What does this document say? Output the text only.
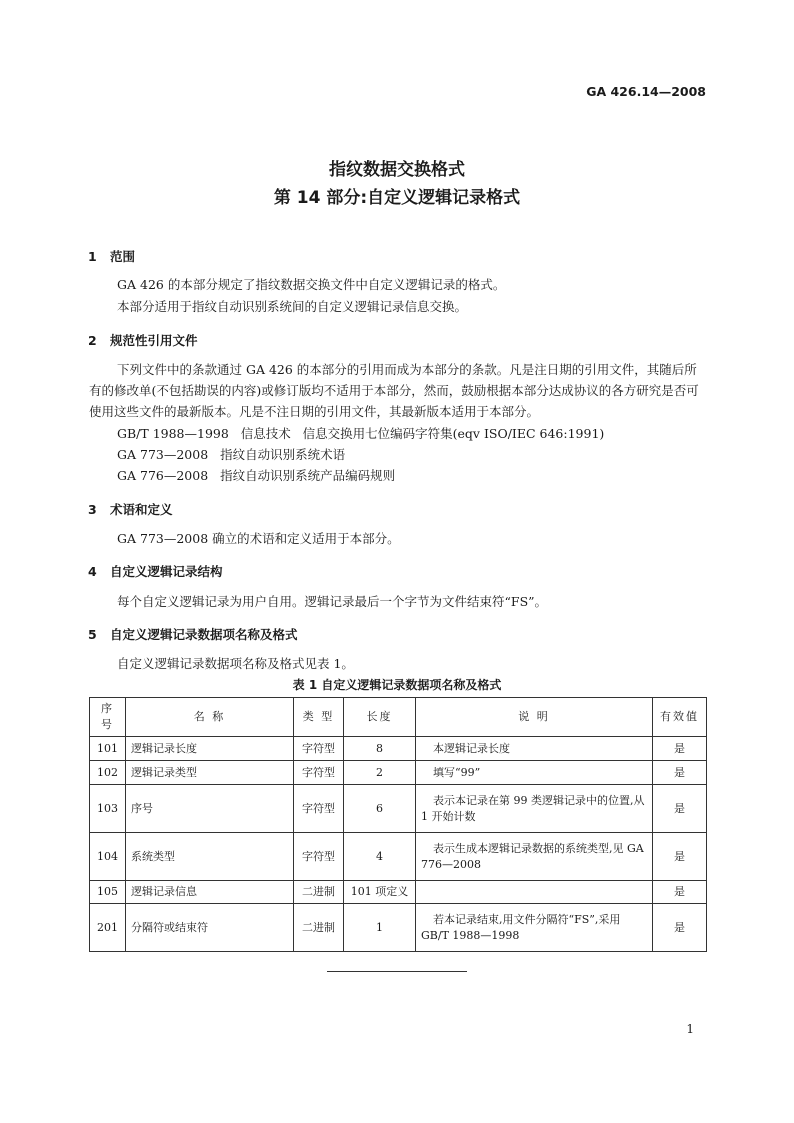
GA 426.14—2008
指纹数据交换格式
第 14 部分:自定义逻辑记录格式
1 范围
GA 426 的本部分规定了指纹数据交换文件中自定义逻辑记录的格式。
本部分适用于指纹自动识别系统间的自定义逻辑记录信息交换。
2 规范性引用文件
下列文件中的条款通过 GA 426 的本部分的引用而成为本部分的条款。凡是注日期的引用文件，其随后所有的修改单(不包括勘误的内容)或修订版均不适用于本部分，然而，鼓励根据本部分达成协议的各方研究是否可使用这些文件的最新版本。凡是不注日期的引用文件，其最新版本适用于本部分。
GB/T 1988—1998   信息技术   信息交换用七位编码字符集(eqv ISO/IEC 646:1991)
GA 773—2008   指纹自动识别系统术语
GA 776—2008   指纹自动识别系统产品编码规则
3 术语和定义
GA 773—2008 确立的术语和定义适用于本部分。
4 自定义逻辑记录结构
每个自定义逻辑记录为用户自用。逻辑记录最后一个字节为文件结束符“FS”。
5 自定义逻辑记录数据项名称及格式
自定义逻辑记录数据项名称及格式见表 1。
表 1 自定义逻辑记录数据项名称及格式
序号	名 称	类 型	长度	说 明	有效值
101	逻辑记录长度	字符型	8	本逻辑记录长度	是
102	逻辑记录类型	字符型	2	填写“99”	是
103	序号	字符型	6	表示本记录在第 99 类逻辑记录中的位置,从 1 开始计数	是
104	系统类型	字符型	4	表示生成本逻辑记录数据的系统类型,见 GA 776—2008	是
105	逻辑记录信息	二进制	101 项定义		是
201	分隔符或结束符	二进制	1	若本记录结束,用文件分隔符“FS”,采用 GB/T 1988—1998	是
1
